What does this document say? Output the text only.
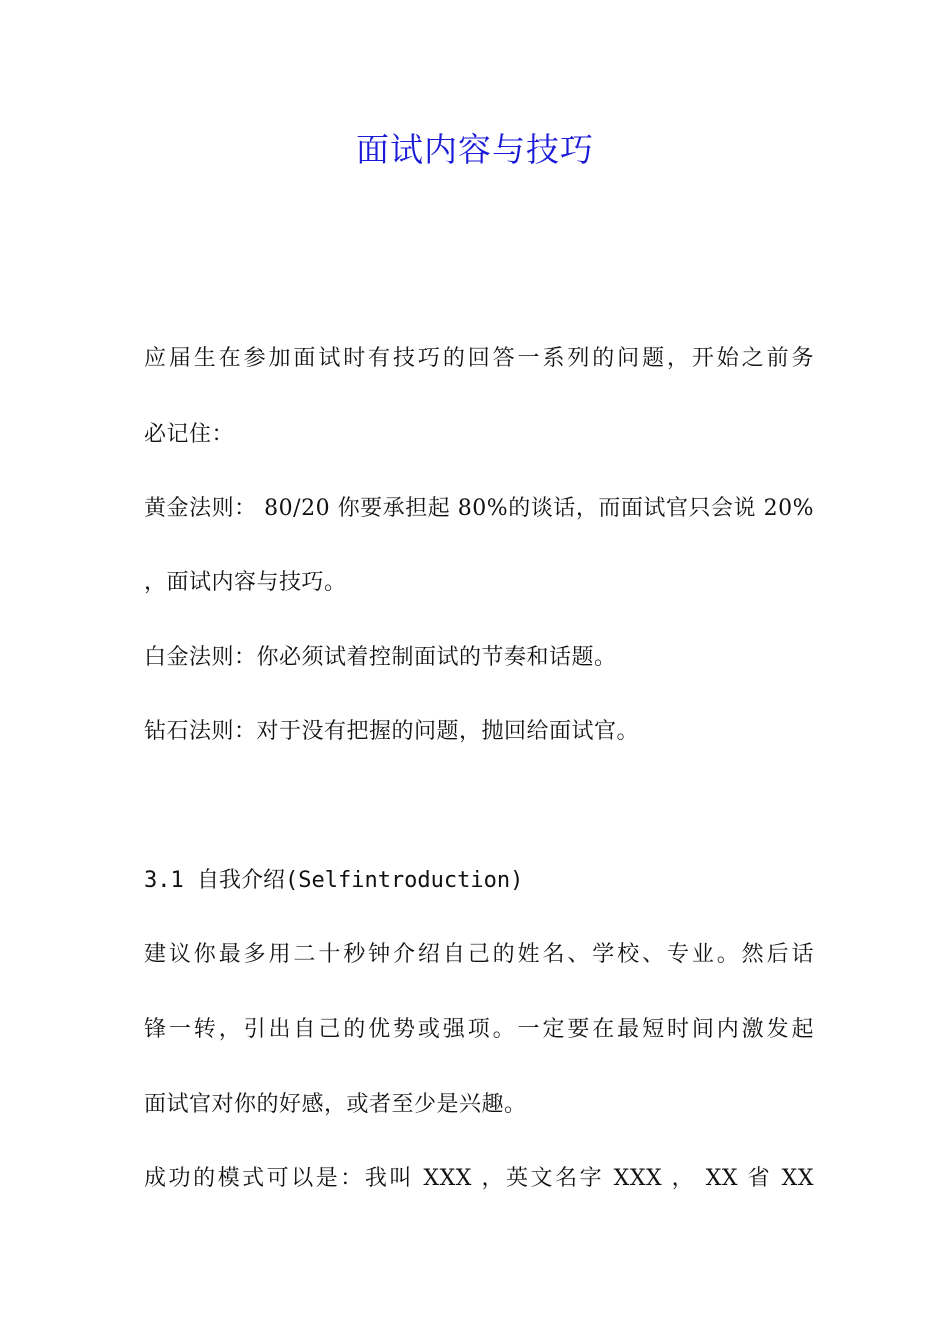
面试内容与技巧
应届生在参加面试时有技巧的回答一系列的问题，开始之前务
必记住：
黄金法则： 80/20 你要承担起 80%的谈话，而面试官只会说 20%
，面试内容与技巧。
白金法则：你必须试着控制面试的节奏和话题。
钻石法则：对于没有把握的问题，抛回给面试官。
3.1 自我介绍(Selfintroduction)
建议你最多用二十秒钟介绍自己的姓名、学校、专业。然后话
锋一转，引出自己的优势或强项。一定要在最短时间内激发起
面试官对你的好感，或者至少是兴趣。
成功的模式可以是：我叫 XXX ，英文名字 XXX ， XX 省 XX
